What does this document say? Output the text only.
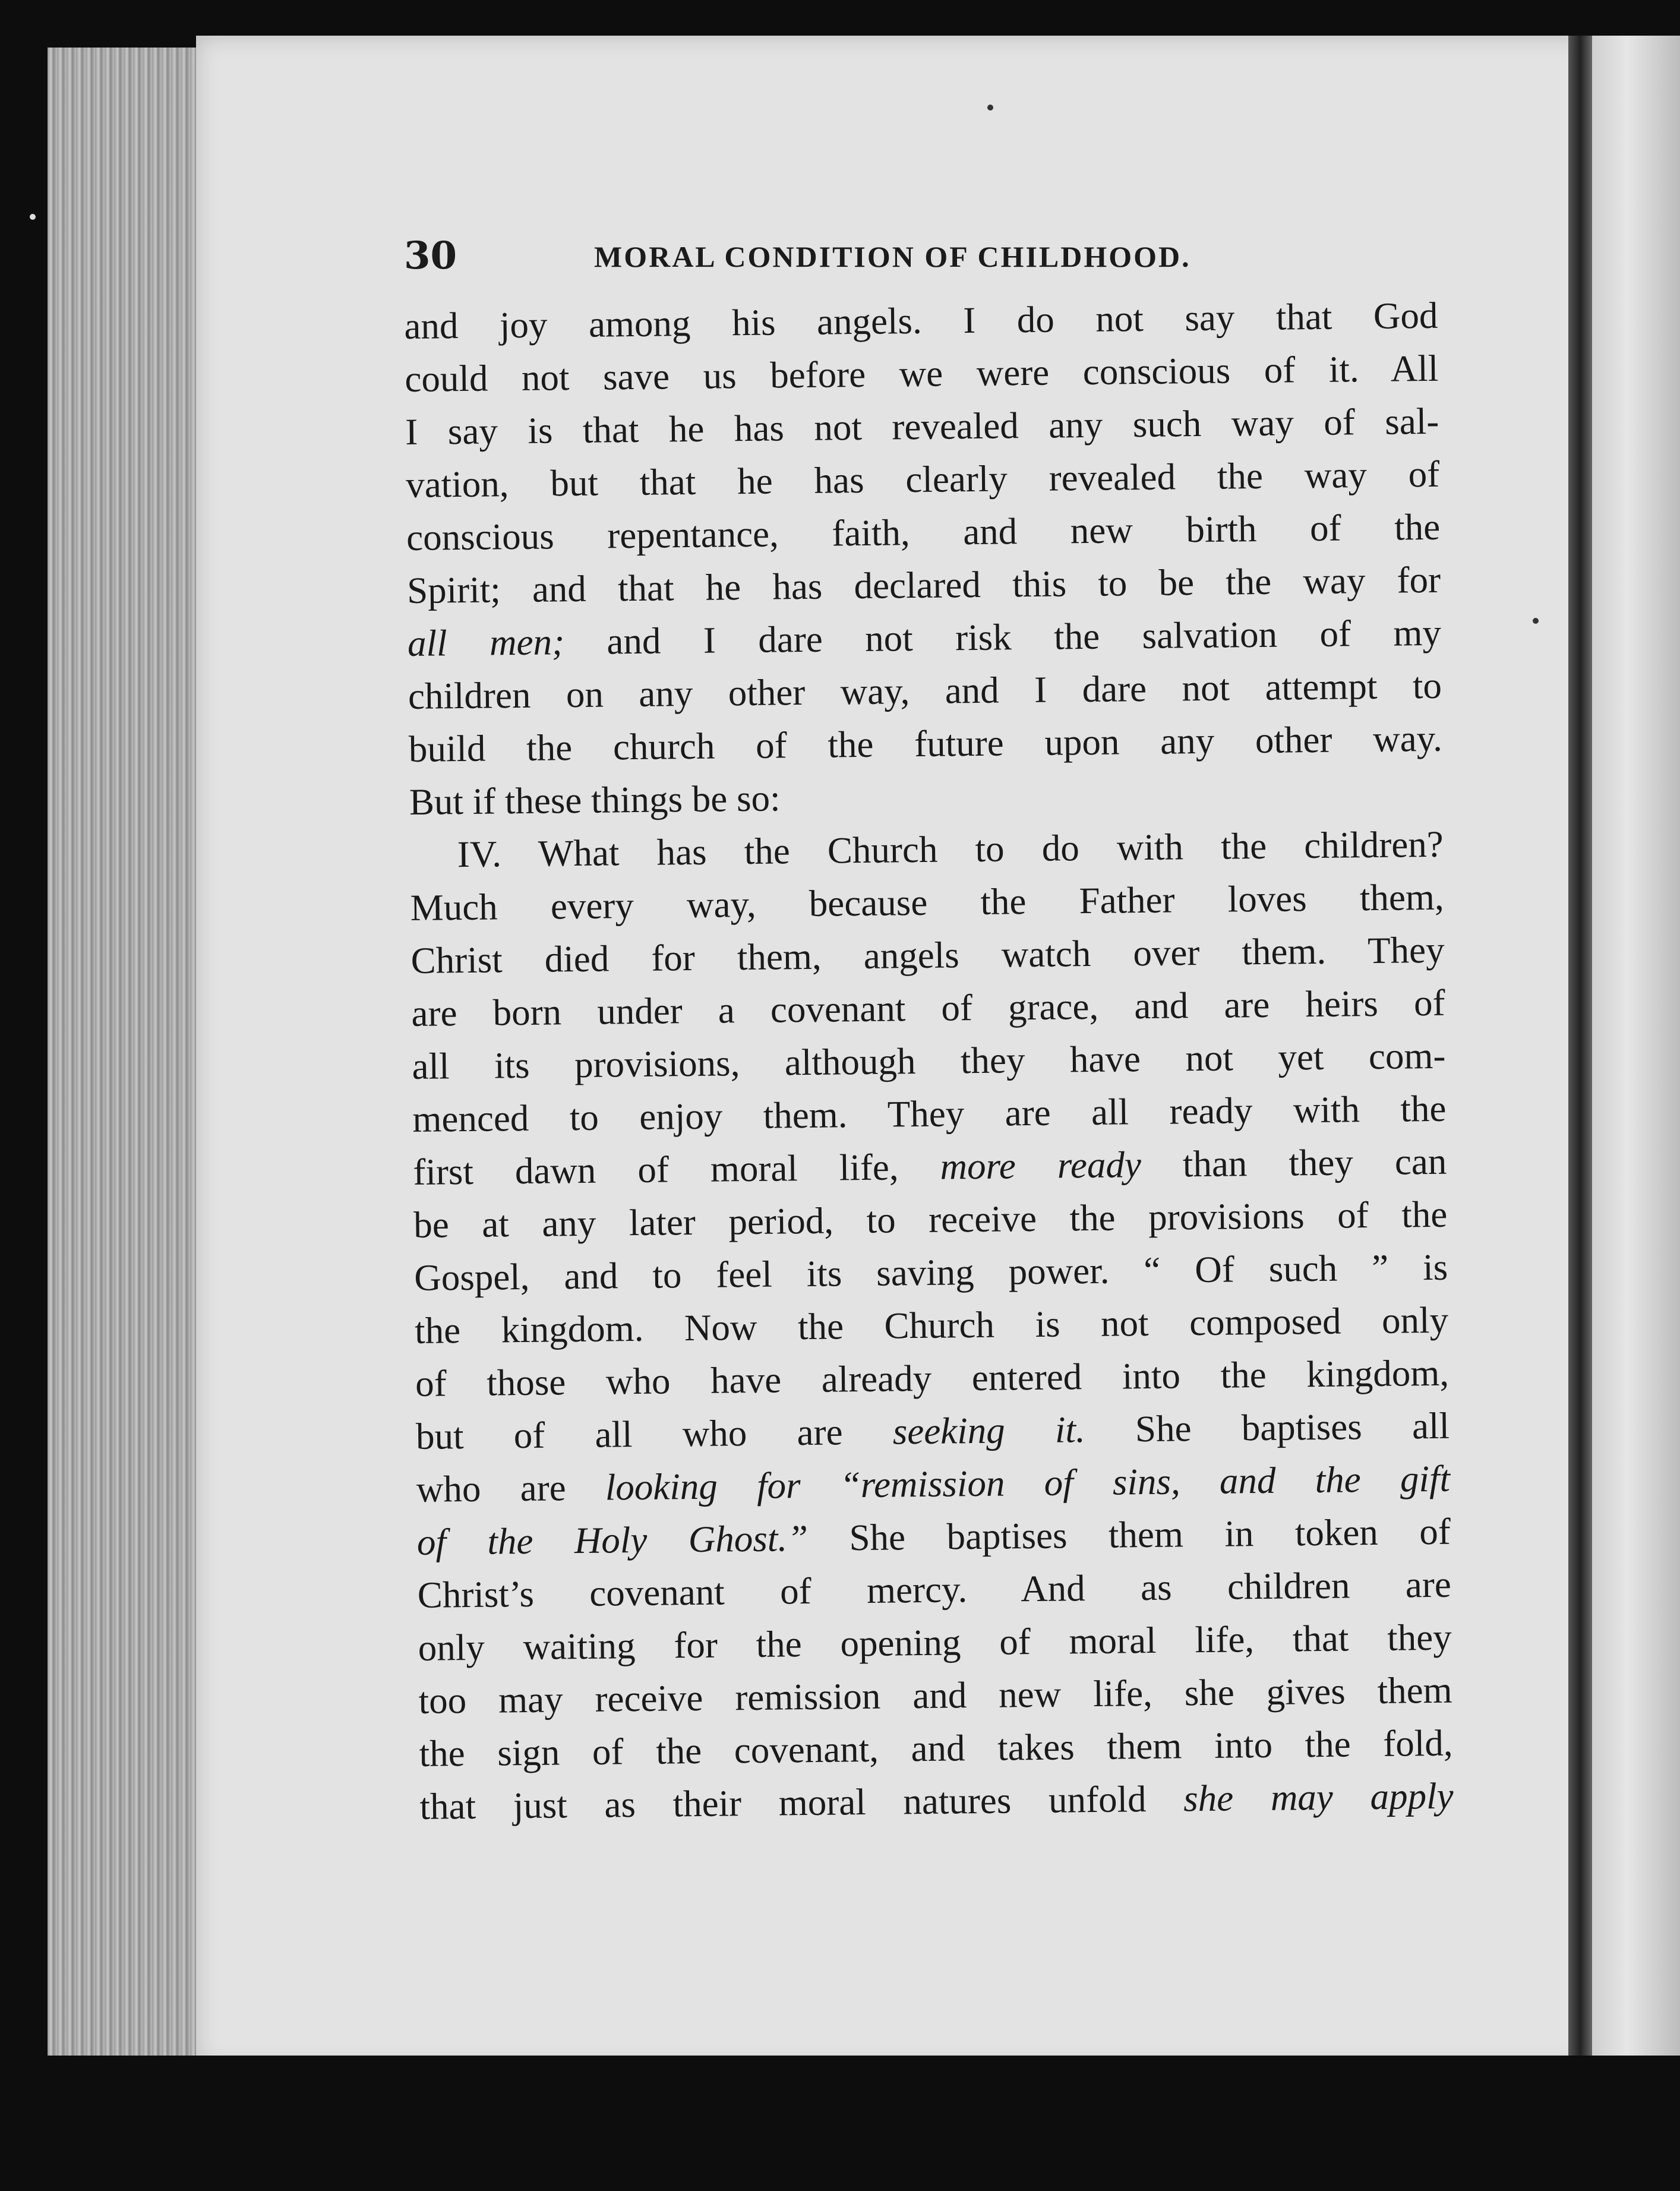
30	MORAL CONDITION OF CHILDHOOD.
and joy among his angels. I do not say that God
could not save us before we were conscious of it. All
I say is that he has not revealed any such way of sal-
vation, but that he has clearly revealed the way of
conscious repentance, faith, and new birth of the
Spirit; and that he has declared this to be the way for
all men; and I dare not risk the salvation of my
children on any other way, and I dare not attempt to
build the church of the future upon any other way.
But if these things be so:
IV. What has the Church to do with the children?
Much every way, because the Father loves them,
Christ died for them, angels watch over them. They
are born under a covenant of grace, and are heirs of
all its provisions, although they have not yet com-
menced to enjoy them. They are all ready with the
first dawn of moral life, more ready than they can
be at any later period, to receive the provisions of the
Gospel, and to feel its saving power. “ Of such ” is
the kingdom. Now the Church is not composed only
of those who have already entered into the kingdom,
but of all who are seeking it. She baptises all
who are looking for “remission of sins, and the gift
of the Holy Ghost.” She baptises them in token of
Christ’s covenant of mercy. And as children are
only waiting for the opening of moral life, that they
too may receive remission and new life, she gives them
the sign of the covenant, and takes them into the fold,
that just as their moral natures unfold she may apply
